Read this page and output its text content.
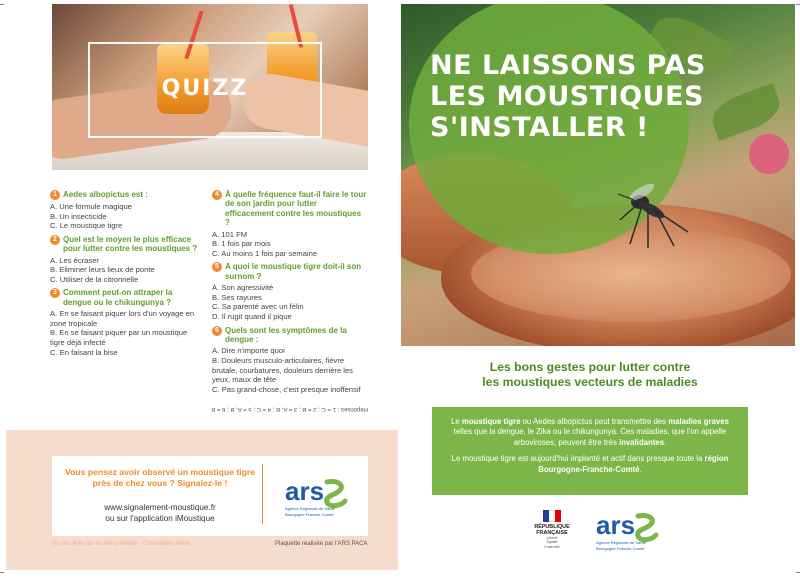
QUIZZ
1 Aedes albopictus est :
A. Une formule magique
B. Un insecticide
C. Le moustique tigre
2 Quel est le moyen le plus efficace pour lutter contre les moustiques ?
A. Les écraser
B. Eliminer leurs lieux de ponte
C. Utiliser de la citronnelle
3 Comment peut-on attraper la dengue ou le chikungunya ?
A. En se faisant piquer lors d'un voyage en zone tropicale
B. En se faisant piquer par un moustique tigre déjà infecté
C. En faisant la bise
4 À quelle fréquence faut-il faire le tour de son jardin pour lutter efficacement contre les moustiques ?
A. 101 FM
B. 1 fois par mois
C. Au moins 1 fois par semaine
5 A quoi le moustique tigre doit-il son surnom ?
A. Son agressivité
B. Ses rayures
C. Sa parenté avec un félin
D. Il rugit quand il pique
6 Quels sont les symptômes de la dengue :
A. Dire n'importe quoi
B. Douleurs musculo-articulaires, fièvre brutale, courbatures, douleurs derrière les yeux, maux de tête
C. Pas grand-chose, c'est presque inoffensif
Réponses : 1 = C ; 2 = B ; 3 = A, B ; 4 = C ; 5 = A, B ; 6 = B
Vous pensez avoir observé un moustique tigre
près de chez vous ? Signalez-le !
www.signalement-moustique.fr
ou sur l'application iMoustique
ars
Agence Régionale de Santé
Bourgogne Franche-Comté
Ne pas jeter sur la voie publique - Conception Ivoirë	Plaquette réalisée par l'ARS PACA
NE LAISSONS PAS
LES MOUSTIQUES
S'INSTALLER !
Les bons gestes pour lutter contre
les moustiques vecteurs de maladies

Le moustique tigre ou Aedes albopictus peut transmettre des maladies graves telles que la dengue, le Zika ou le chikungunya. Ces maladies, que l'on appelle arboviroses, peuvent être très invalidantes.

Le moustique tigre est aujourd'hui implanté et actif dans presque toute la région Bourgogne-Franche-Comté.

RÉPUBLIQUE
FRANÇAISE
Liberté
Égalité
Fraternité
ars
Agence Régionale de Santé
Bourgogne Franche-Comté
